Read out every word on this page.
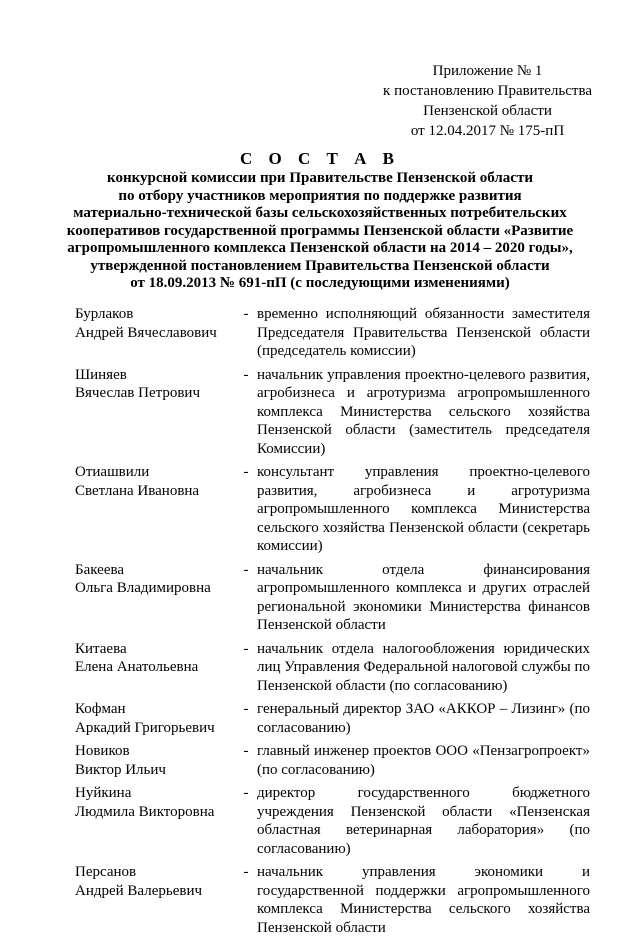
Приложение № 1
к постановлению Правительства
Пензенской области
от 12.04.2017 № 175-пП
С О С Т А В
конкурсной комиссии при Правительстве Пензенской области
по отбору участников мероприятия по поддержке развития
материально-технической базы сельскохозяйственных потребительских
кооперативов государственной программы Пензенской области «Развитие
агропромышленного комплекса Пензенской области на 2014 – 2020 годы»,
утвержденной постановлением Правительства Пензенской области
от 18.09.2013 № 691-пП (с последующими изменениями)
Бурлаков
Андрей Вячеславович
- временно исполняющий обязанности заместителя Председателя Правительства Пензенской области (председатель комиссии)
Шиняев
Вячеслав Петрович
- начальник управления проектно-целевого развития, агробизнеса и агротуризма агропромышленного комплекса Министерства сельского хозяйства Пензенской области (заместитель председателя Комиссии)
Отиашвили
Светлана Ивановна
- консультант управления проектно-целевого развития, агробизнеса и агротуризма агропромышленного комплекса Министерства сельского хозяйства Пензенской области (секретарь комиссии)
Бакеева
Ольга Владимировна
- начальник отдела финансирования агропромышленного комплекса и других отраслей региональной экономики Министерства финансов Пензенской области
Китаева
Елена Анатольевна
- начальник отдела налогообложения юридических лиц Управления Федеральной налоговой службы по Пензенской области (по согласованию)
Кофман
Аркадий Григорьевич
- генеральный директор ЗАО «АККОР – Лизинг» (по согласованию)
Новиков
Виктор Ильич
- главный инженер проектов ООО «Пензагропроект» (по согласованию)
Нуйкина
Людмила Викторовна
- директор государственного бюджетного учреждения Пензенской области «Пензенская областная ветеринарная лаборатория» (по согласованию)
Персанов
Андрей Валерьевич
- начальник управления экономики и государственной поддержки агропромышленного комплекса Министерства сельского хозяйства Пензенской области
